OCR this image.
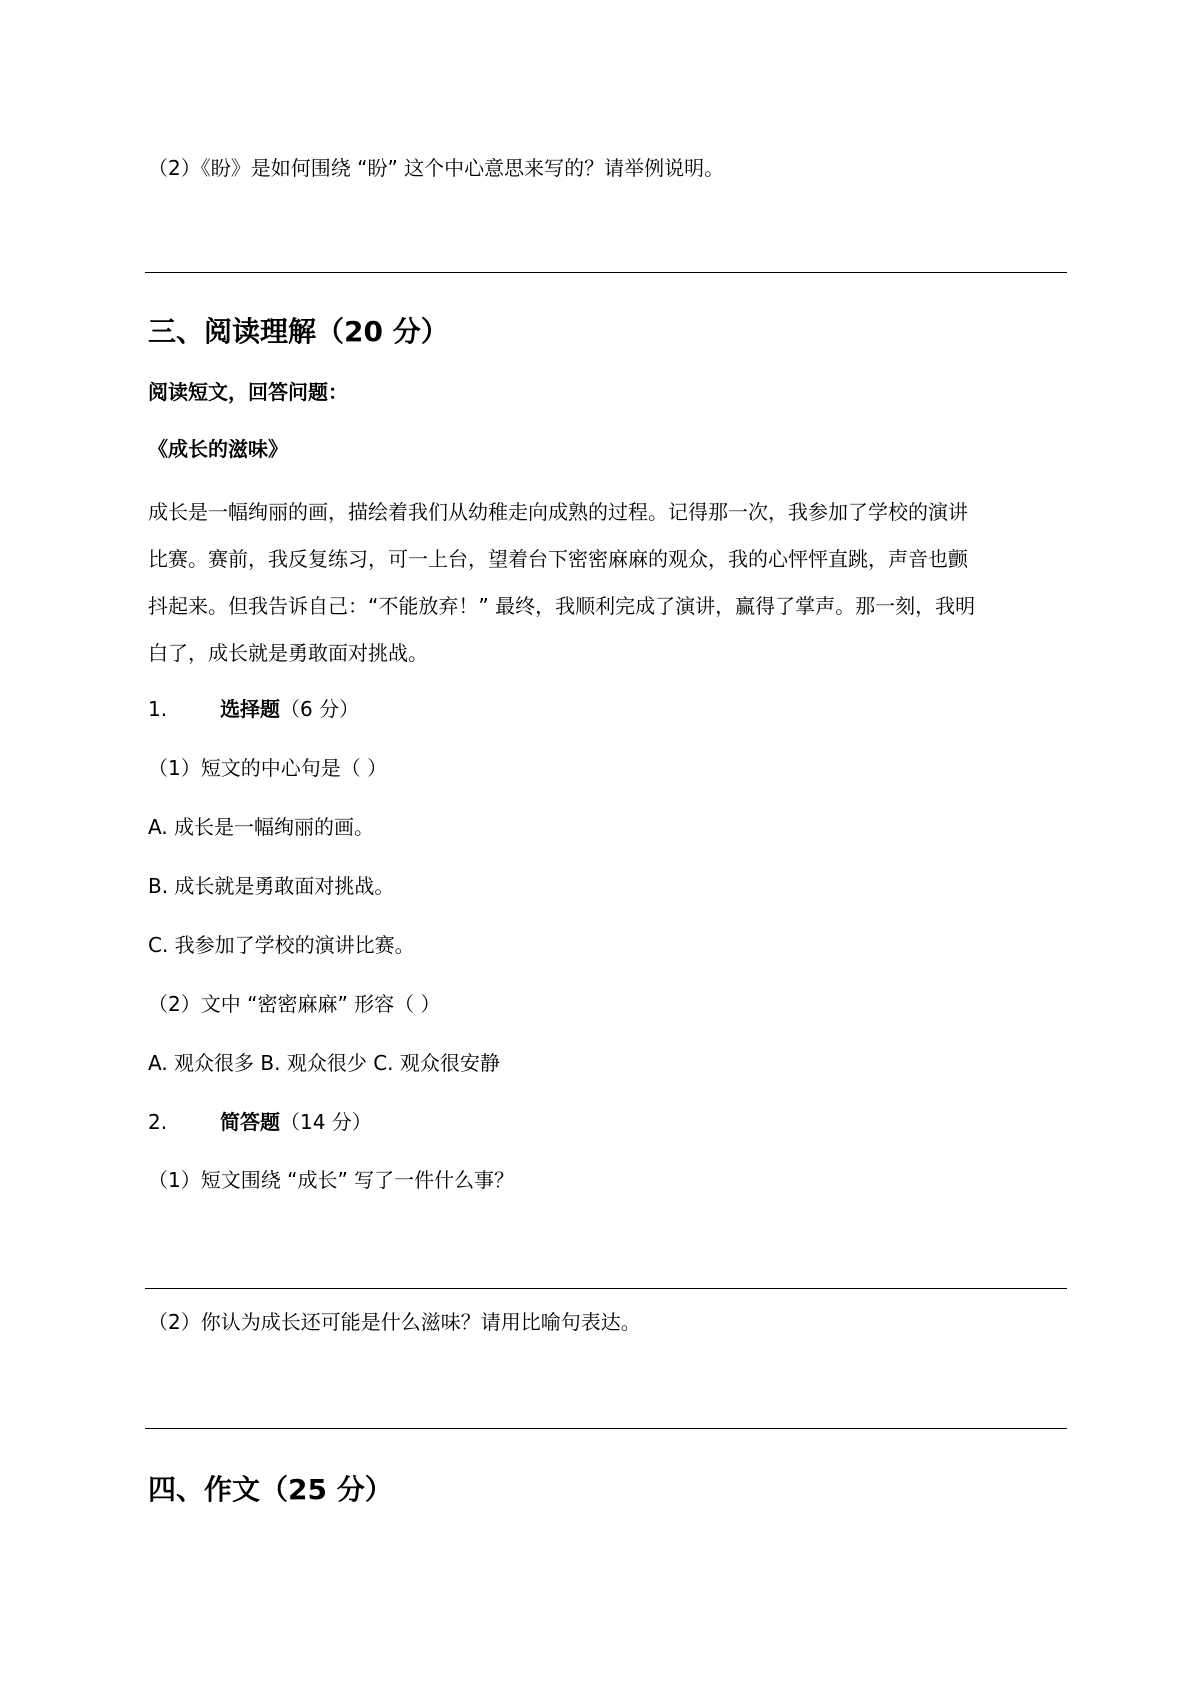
（2）《盼》是如何围绕 “盼” 这个中心意思来写的？请举例说明。
三、阅读理解（20 分）
阅读短文，回答问题：
《成长的滋味》
成长是一幅绚丽的画，描绘着我们从幼稚走向成熟的过程。记得那一次，我参加了学校的演讲
比赛。赛前，我反复练习，可一上台，望着台下密密麻麻的观众，我的心怦怦直跳，声音也颤
抖起来。但我告诉自己：“不能放弃！” 最终，我顺利完成了演讲，赢得了掌声。那一刻，我明
白了，成长就是勇敢面对挑战。
1.	选择题（6 分）
（1）短文的中心句是（ ）
A. 成长是一幅绚丽的画。
B. 成长就是勇敢面对挑战。
C. 我参加了学校的演讲比赛。
（2）文中 “密密麻麻” 形容（ ）
A. 观众很多 B. 观众很少 C. 观众很安静
2.	简答题（14 分）
（1）短文围绕 “成长” 写了一件什么事？
（2）你认为成长还可能是什么滋味？请用比喻句表达。
四、作文（25 分）
